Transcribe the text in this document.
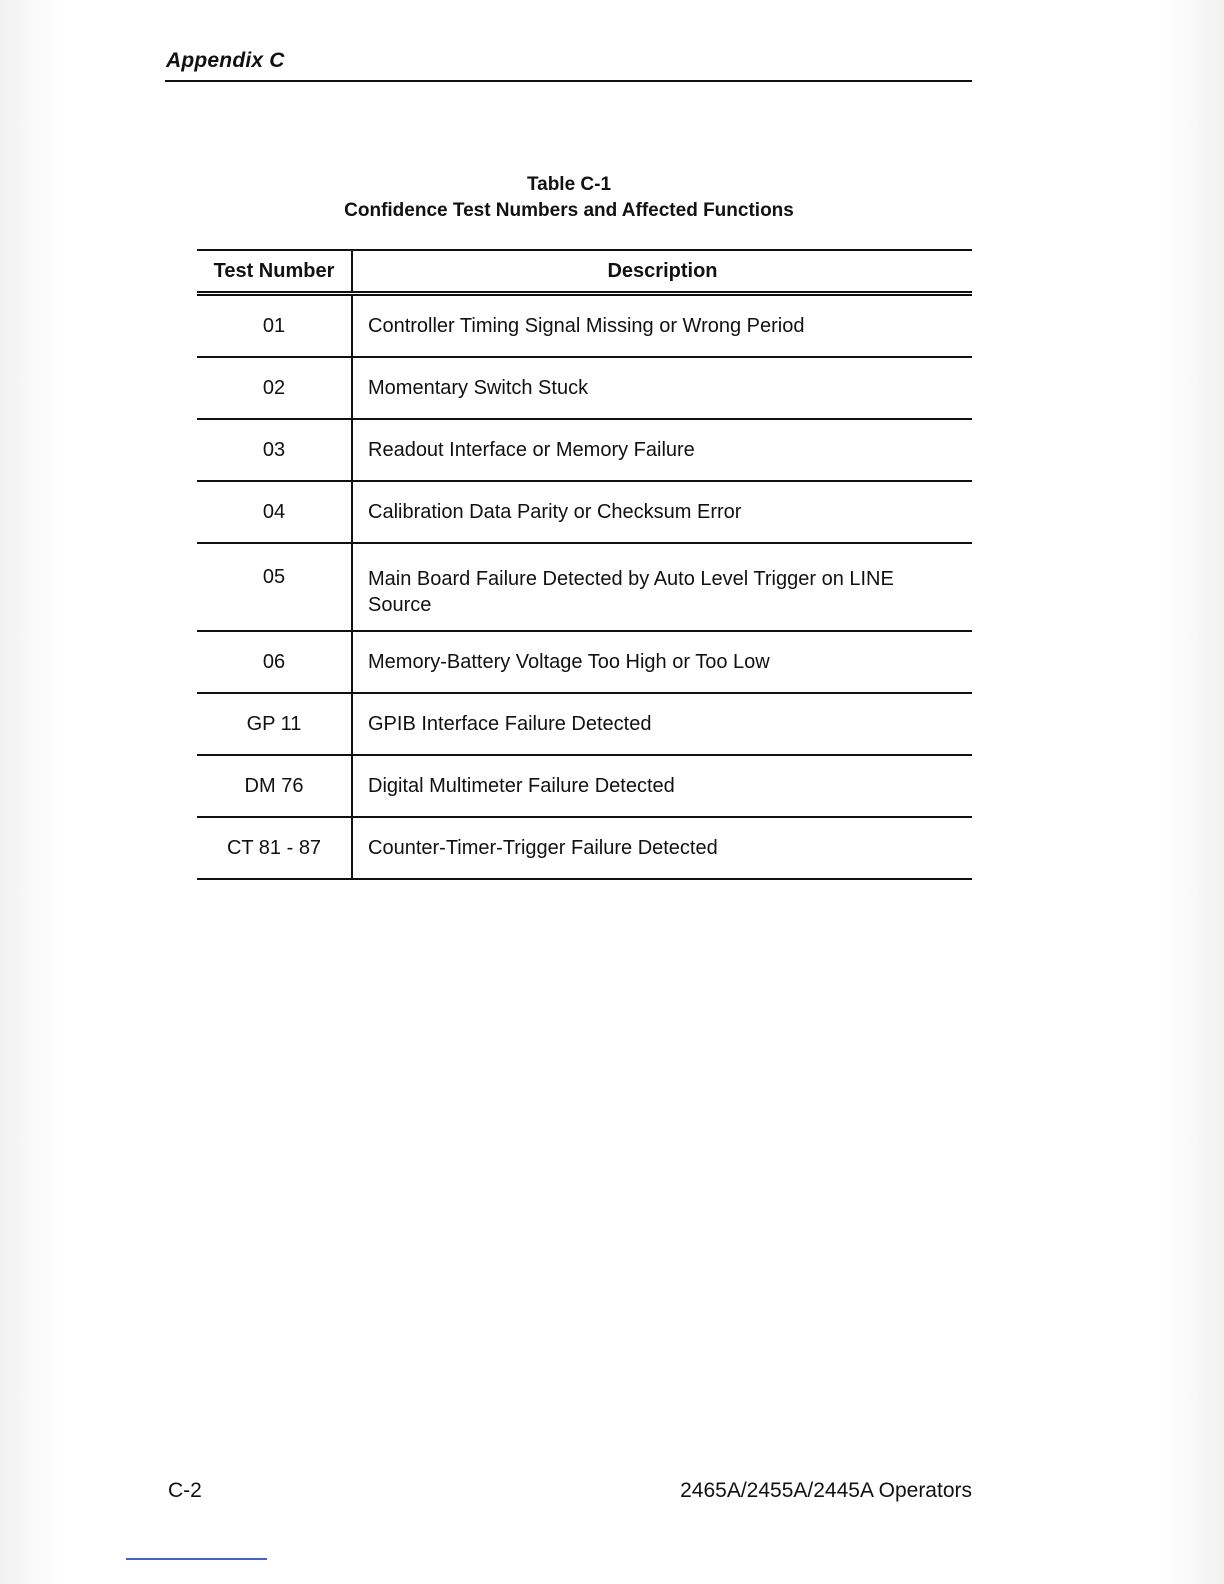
Appendix C
Table C-1
Confidence Test Numbers and Affected Functions
Test Number	Description
01	Controller Timing Signal Missing or Wrong Period
02	Momentary Switch Stuck
03	Readout Interface or Memory Failure
04	Calibration Data Parity or Checksum Error

05	Main Board Failure Detected by Auto Level Trigger on LINE Source

06	Memory-Battery Voltage Too High or Too Low
GP 11	GPIB Interface Failure Detected
DM 76	Digital Multimeter Failure Detected
CT 81 - 87	Counter-Timer-Trigger Failure Detected
C-2	2465A/2455A/2445A Operators
